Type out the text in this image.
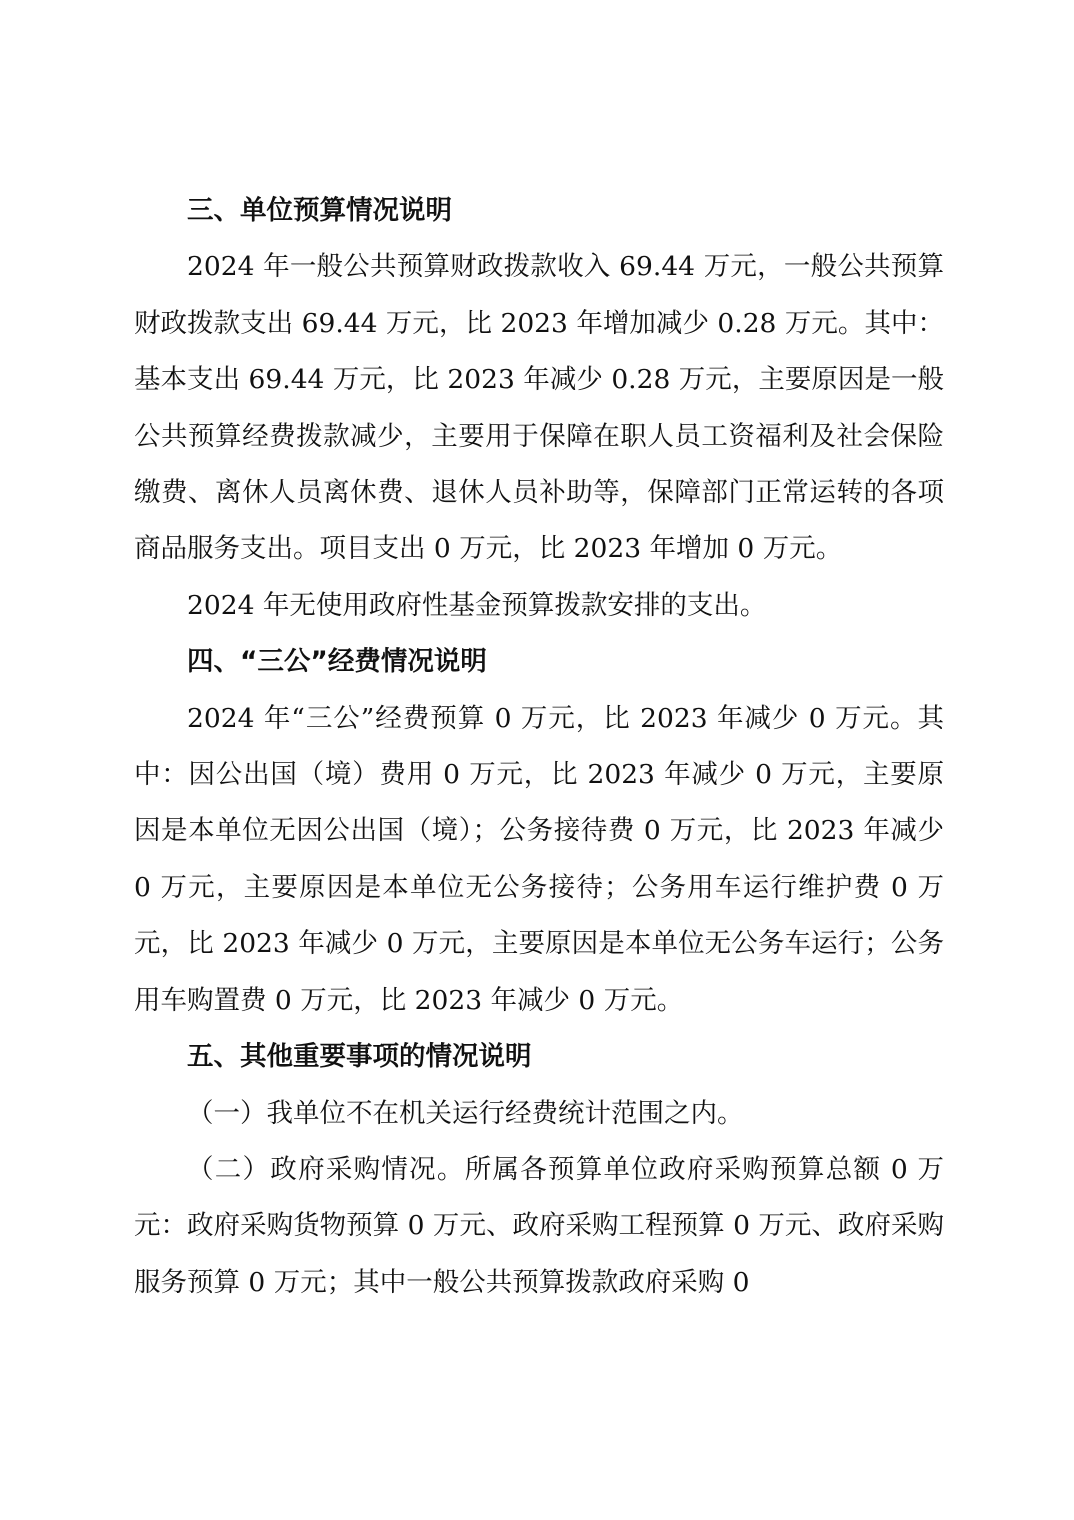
三、单位预算情况说明

2024 年一般公共预算财政拨款收入 69.44 万元，一般公共预算财政拨款支出 69.44 万元，比 2023 年增加减少 0.28 万元。其中：基本支出 69.44 万元，比 2023 年减少 0.28 万元，主要原因是一般公共预算经费拨款减少，主要用于保障在职人员工资福利及社会保险缴费、离休人员离休费、退休人员补助等，保障部门正常运转的各项商品服务支出。项目支出 0 万元，比 2023 年增加 0 万元。

2024 年无使用政府性基金预算拨款安排的支出。

四、“三公”经费情况说明

2024 年“三公”经费预算 0 万元，比 2023 年减少 0 万元。其中：因公出国（境）费用 0 万元，比 2023 年减少 0 万元，主要原因是本单位无因公出国（境）；公务接待费 0 万元，比 2023 年减少 0 万元，主要原因是本单位无公务接待；公务用车运行维护费 0 万元，比 2023 年减少 0 万元，主要原因是本单位无公务车运行；公务用车购置费 0 万元，比 2023 年减少 0 万元。

五、其他重要事项的情况说明

（一）我单位不在机关运行经费统计范围之内。

（二）政府采购情况。所属各预算单位政府采购预算总额 0 万元：政府采购货物预算 0 万元、政府采购工程预算 0 万元、政府采购服务预算 0 万元；其中一般公共预算拨款政府采购 0
